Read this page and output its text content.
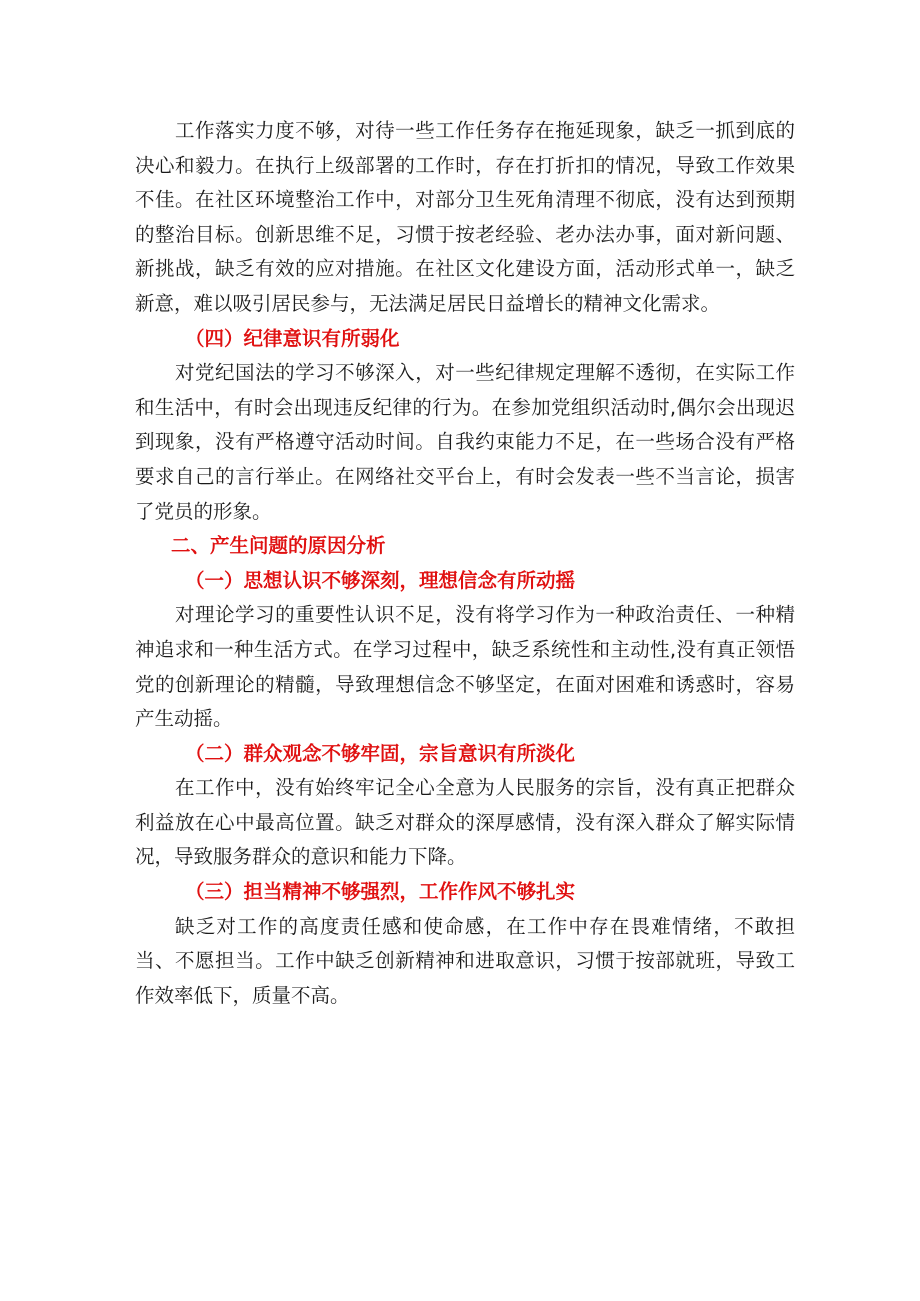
工作落实力度不够，对待一些工作任务存在拖延现象，缺乏一抓到底的决心和毅力。在执行上级部署的工作时，存在打折扣的情况，导致工作效果不佳。在社区环境整治工作中，对部分卫生死角清理不彻底，没有达到预期的整治目标。创新思维不足，习惯于按老经验、老办法办事，面对新问题、新挑战，缺乏有效的应对措施。在社区文化建设方面，活动形式单一，缺乏新意，难以吸引居民参与，无法满足居民日益增长的精神文化需求。

（四）纪律意识有所弱化

对党纪国法的学习不够深入，对一些纪律规定理解不透彻，在实际工作和生活中，有时会出现违反纪律的行为。在参加党组织活动时,偶尔会出现迟到现象，没有严格遵守活动时间。自我约束能力不足，在一些场合没有严格要求自己的言行举止。在网络社交平台上，有时会发表一些不当言论，损害了党员的形象。

二、产生问题的原因分析

（一）思想认识不够深刻，理想信念有所动摇

对理论学习的重要性认识不足，没有将学习作为一种政治责任、一种精神追求和一种生活方式。在学习过程中，缺乏系统性和主动性,没有真正领悟党的创新理论的精髓，导致理想信念不够坚定，在面对困难和诱惑时，容易产生动摇。

（二）群众观念不够牢固，宗旨意识有所淡化

在工作中，没有始终牢记全心全意为人民服务的宗旨，没有真正把群众利益放在心中最高位置。缺乏对群众的深厚感情，没有深入群众了解实际情况，导致服务群众的意识和能力下降。

（三）担当精神不够强烈，工作作风不够扎实

缺乏对工作的高度责任感和使命感，在工作中存在畏难情绪，不敢担当、不愿担当。工作中缺乏创新精神和进取意识，习惯于按部就班，导致工作效率低下，质量不高。
